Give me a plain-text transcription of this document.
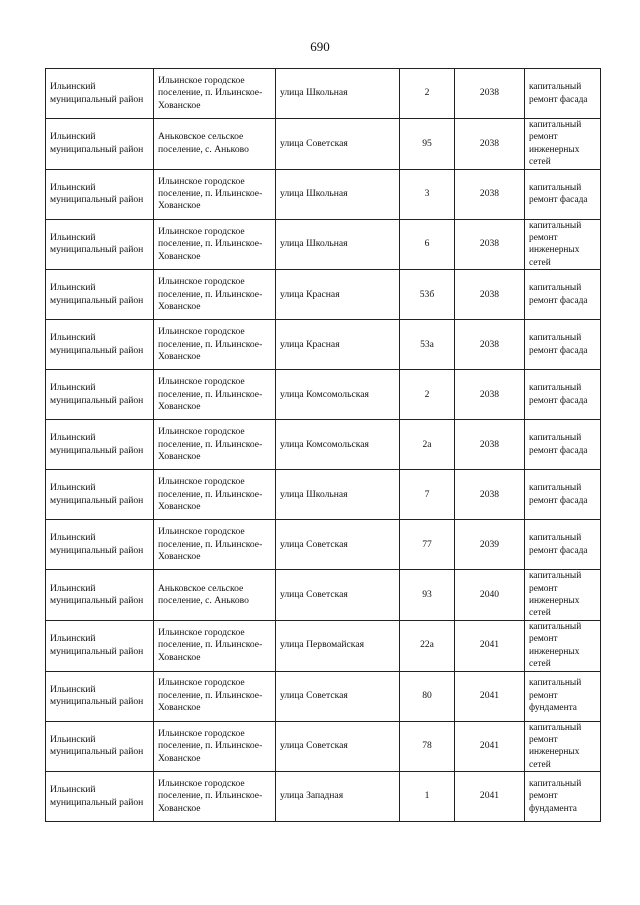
690
Ильинский муниципальный район	Ильинское городское поселение, п. Ильинское-Хованское	улица Школьная	2	2038	капитальный ремонт фасада
Ильинский муниципальный район	Аньковское сельское поселение, с. Аньково	улица Советская	95	2038	капитальный ремонт инженерных сетей
Ильинский муниципальный район	Ильинское городское поселение, п. Ильинское-Хованское	улица Школьная	3	2038	капитальный ремонт фасада
Ильинский муниципальный район	Ильинское городское поселение, п. Ильинское-Хованское	улица Школьная	6	2038	капитальный ремонт инженерных сетей
Ильинский муниципальный район	Ильинское городское поселение, п. Ильинское-Хованское	улица Красная	53б	2038	капитальный ремонт фасада
Ильинский муниципальный район	Ильинское городское поселение, п. Ильинское-Хованское	улица Красная	53а	2038	капитальный ремонт фасада
Ильинский муниципальный район	Ильинское городское поселение, п. Ильинское-Хованское	улица Комсомольская	2	2038	капитальный ремонт фасада
Ильинский муниципальный район	Ильинское городское поселение, п. Ильинское-Хованское	улица Комсомольская	2а	2038	капитальный ремонт фасада
Ильинский муниципальный район	Ильинское городское поселение, п. Ильинское-Хованское	улица Школьная	7	2038	капитальный ремонт фасада
Ильинский муниципальный район	Ильинское городское поселение, п. Ильинское-Хованское	улица Советская	77	2039	капитальный ремонт фасада
Ильинский муниципальный район	Аньковское сельское поселение, с. Аньково	улица Советская	93	2040	капитальный ремонт инженерных сетей
Ильинский муниципальный район	Ильинское городское поселение, п. Ильинское-Хованское	улица Первомайская	22а	2041	капитальный ремонт инженерных сетей
Ильинский муниципальный район	Ильинское городское поселение, п. Ильинское-Хованское	улица Советская	80	2041	капитальный ремонт фундамента
Ильинский муниципальный район	Ильинское городское поселение, п. Ильинское-Хованское	улица Советская	78	2041	капитальный ремонт инженерных сетей
Ильинский муниципальный район	Ильинское городское поселение, п. Ильинское-Хованское	улица Западная	1	2041	капитальный ремонт фундамента
